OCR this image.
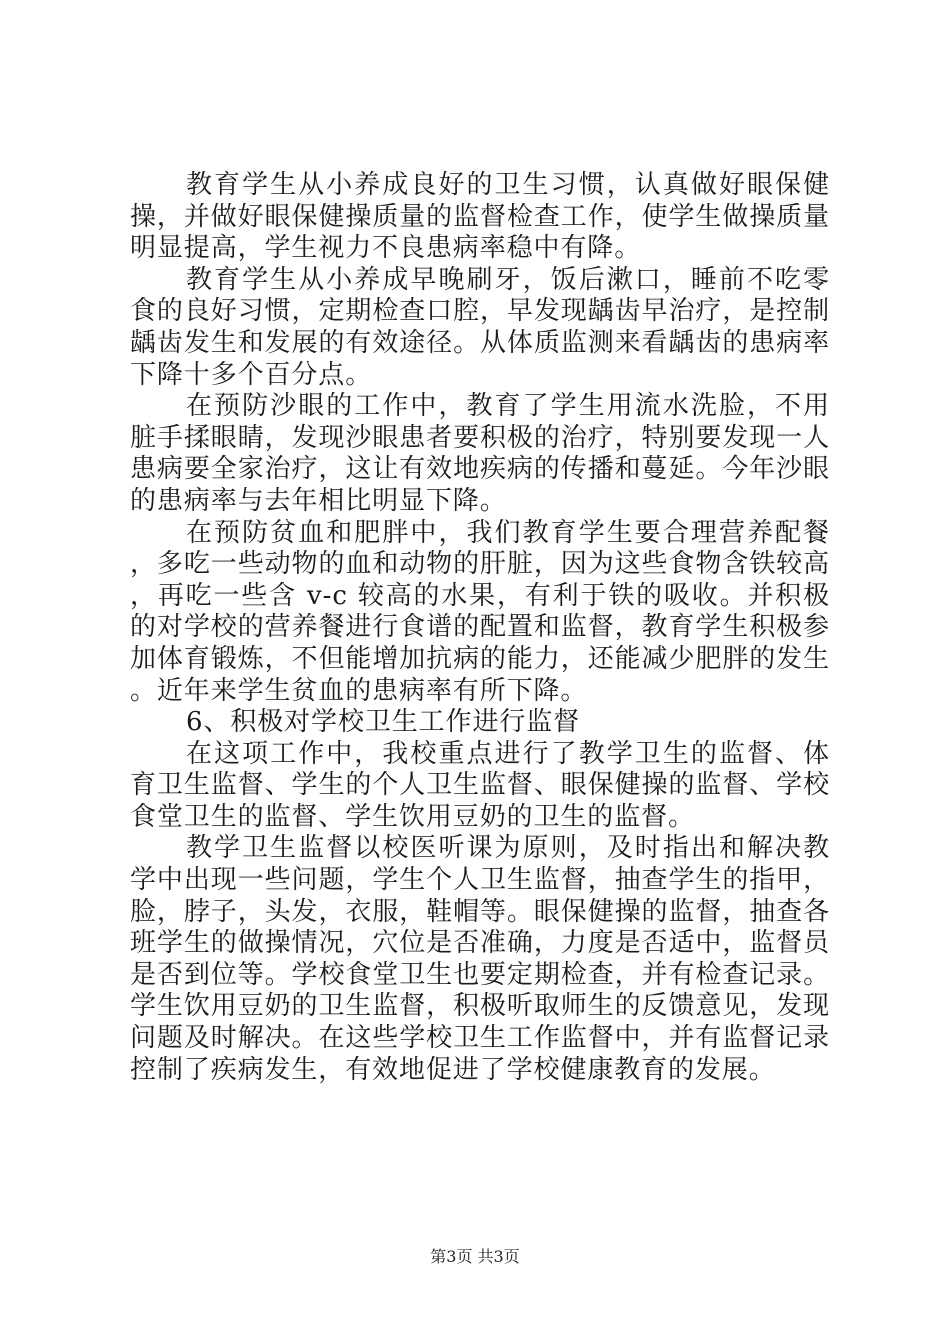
教育学生从小养成良好的卫生习惯，认真做好眼保健操，并做好眼保健操质量的监督检查工作，使学生做操质量明显提高，学生视力不良患病率稳中有降。

教育学生从小养成早晚刷牙，饭后漱口，睡前不吃零食的良好习惯，定期检查口腔，早发现龋齿早治疗，是控制龋齿发生和发展的有效途径。从体质监测来看龋齿的患病率下降十多个百分点。

在预防沙眼的工作中，教育了学生用流水洗脸，不用脏手揉眼睛，发现沙眼患者要积极的治疗，特别要发现一人患病要全家治疗，这让有效地疾病的传播和蔓延。今年沙眼的患病率与去年相比明显下降。

在预防贫血和肥胖中，我们教育学生要合理营养配餐，多吃一些动物的血和动物的肝脏，因为这些食物含铁较高，再吃一些含 v-c 较高的水果，有利于铁的吸收。并积极的对学校的营养餐进行食谱的配置和监督，教育学生积极参加体育锻炼，不但能增加抗病的能力，还能减少肥胖的发生。近年来学生贫血的患病率有所下降。

6、积极对学校卫生工作进行监督

在这项工作中，我校重点进行了教学卫生的监督、体育卫生监督、学生的个人卫生监督、眼保健操的监督、学校食堂卫生的监督、学生饮用豆奶的卫生的监督。

教学卫生监督以校医听课为原则，及时指出和解决教学中出现一些问题，学生个人卫生监督，抽查学生的指甲，脸，脖子，头发，衣服，鞋帽等。眼保健操的监督，抽查各班学生的做操情况，穴位是否准确，力度是否适中，监督员是否到位等。学校食堂卫生也要定期检查，并有检查记录。学生饮用豆奶的卫生监督，积极听取师生的反馈意见，发现问题及时解决。在这些学校卫生工作监督中，并有监督记录控制了疾病发生，有效地促进了学校健康教育的发展。

第3页 共3页
